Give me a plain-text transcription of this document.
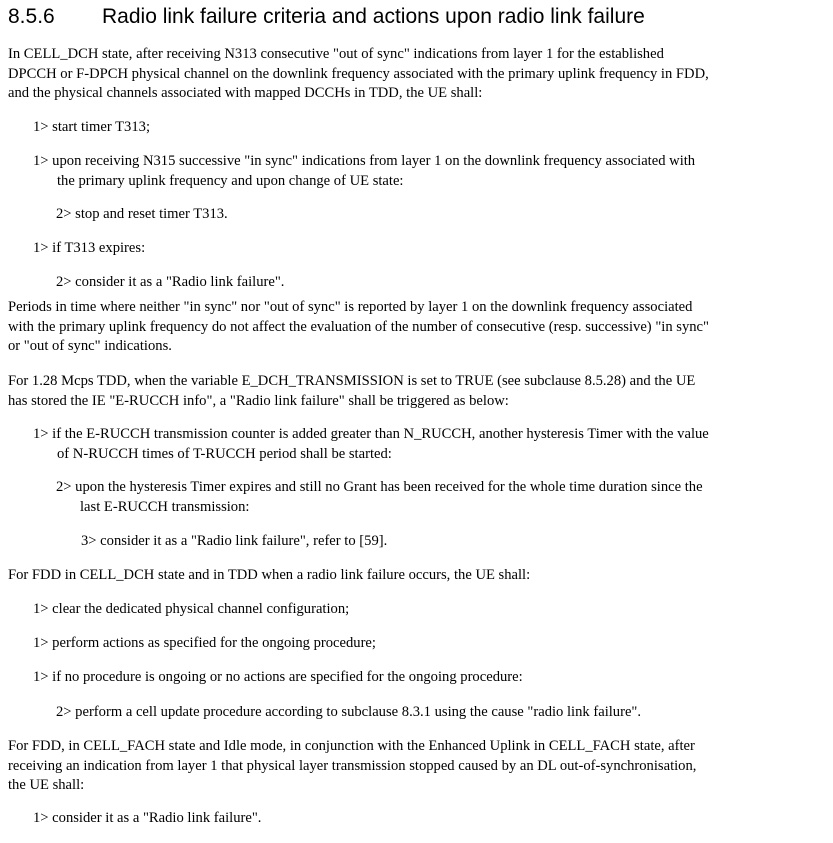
8.5.6 Radio link failure criteria and actions upon radio link failure
In CELL_DCH state, after receiving N313 consecutive "out of sync" indications from layer 1 for the established
DPCCH or F-DPCH physical channel on the downlink frequency associated with the primary uplink frequency in FDD,
and the physical channels associated with mapped DCCHs in TDD, the UE shall:
1> start timer T313;
1> upon receiving N315 successive "in sync" indications from layer 1 on the downlink frequency associated with
the primary uplink frequency and upon change of UE state:
2> stop and reset timer T313.
1> if T313 expires:
2> consider it as a "Radio link failure".
Periods in time where neither "in sync" nor "out of sync" is reported by layer 1 on the downlink frequency associated
with the primary uplink frequency do not affect the evaluation of the number of consecutive (resp. successive) "in sync"
or "out of sync" indications.
For 1.28 Mcps TDD, when the variable E_DCH_TRANSMISSION is set to TRUE (see subclause 8.5.28) and the UE
has stored the IE "E-RUCCH info", a "Radio link failure" shall be triggered as below:
1> if the E-RUCCH transmission counter is added greater than N_RUCCH, another hysteresis Timer with the value
of N-RUCCH times of T-RUCCH period shall be started:
2> upon the hysteresis Timer expires and still no Grant has been received for the whole time duration since the
last E-RUCCH transmission:
3> consider it as a "Radio link failure", refer to [59].
For FDD in CELL_DCH state and in TDD when a radio link failure occurs, the UE shall:
1> clear the dedicated physical channel configuration;
1> perform actions as specified for the ongoing procedure;
1> if no procedure is ongoing or no actions are specified for the ongoing procedure:
2> perform a cell update procedure according to subclause 8.3.1 using the cause "radio link failure".
For FDD, in CELL_FACH state and Idle mode, in conjunction with the Enhanced Uplink in CELL_FACH state, after
receiving an indication from layer 1 that physical layer transmission stopped caused by an DL out-of-synchronisation,
the UE shall:
1> consider it as a "Radio link failure".
